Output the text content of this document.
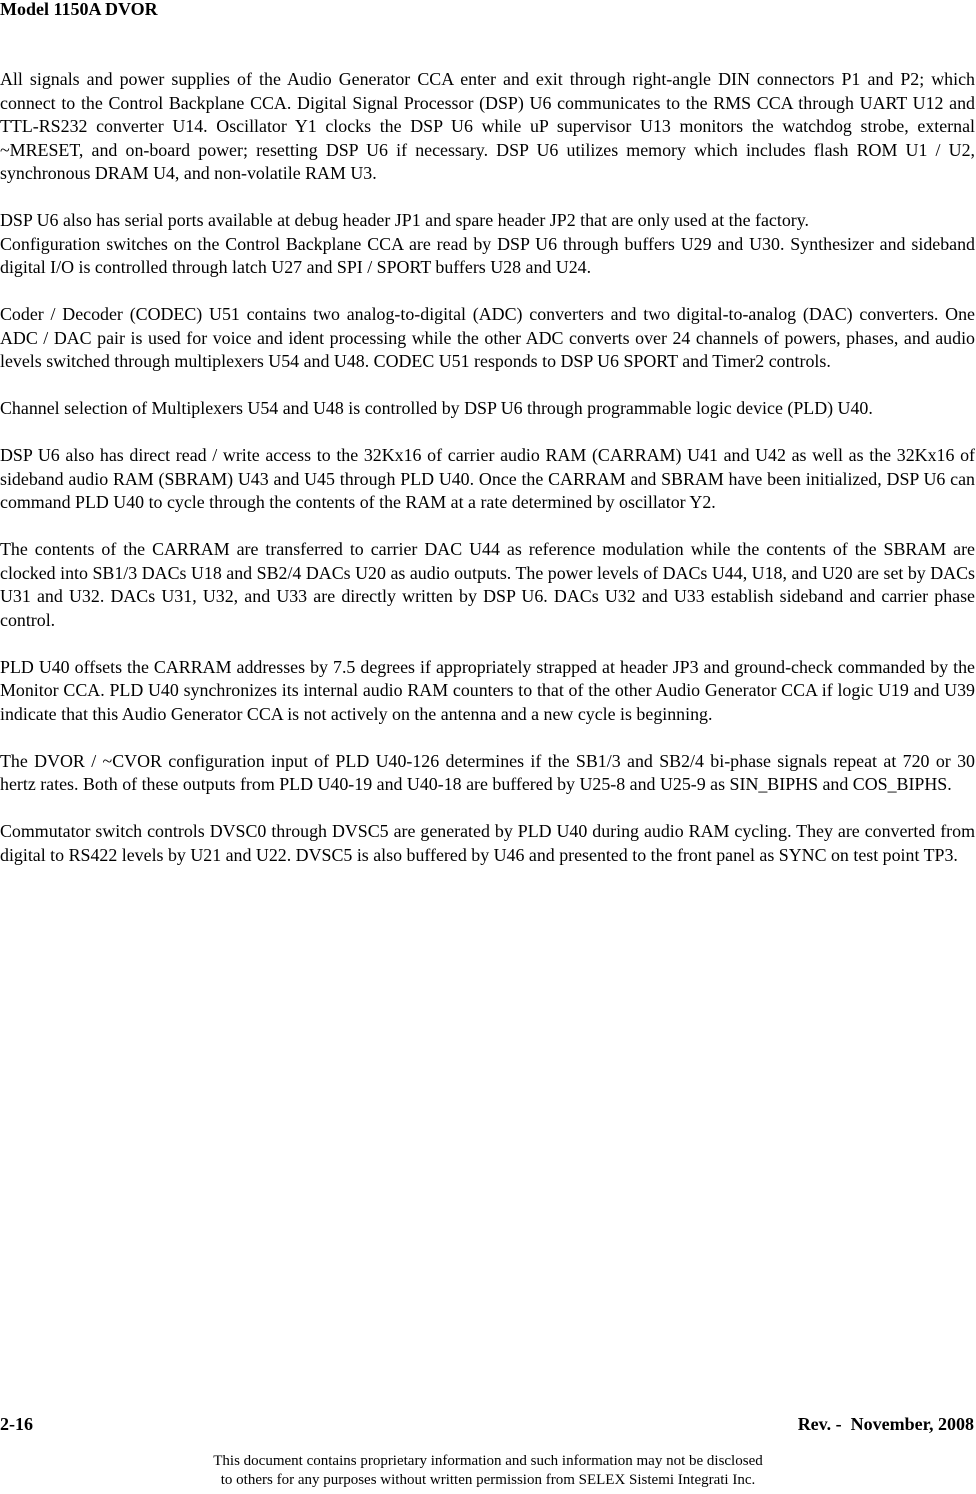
Model 1150A DVOR

All signals and power supplies of the Audio Generator CCA enter and exit through right-angle DIN connectors P1 and P2; which connect to the Control Backplane CCA. Digital Signal Processor (DSP) U6 communicates to the RMS CCA through UART U12 and TTL-RS232 converter U14. Oscillator Y1 clocks the DSP U6 while uP supervisor U13 monitors the watchdog strobe, external ~MRESET, and on-board power; resetting DSP U6 if necessary. DSP U6 utilizes memory which includes flash ROM U1 / U2, synchronous DRAM U4, and non-volatile RAM U3.

DSP U6 also has serial ports available at debug header JP1 and spare header JP2 that are only used at the factory.

Configuration switches on the Control Backplane CCA are read by DSP U6 through buffers U29 and U30. Synthesizer and sideband digital I/O is controlled through latch U27 and SPI / SPORT buffers U28 and U24.

Coder / Decoder (CODEC) U51 contains two analog-to-digital (ADC) converters and two digital-to-analog (DAC) converters. One ADC / DAC pair is used for voice and ident processing while the other ADC converts over 24 channels of powers, phases, and audio levels switched through multiplexers U54 and U48. CODEC U51 responds to DSP U6 SPORT and Timer2 controls.

Channel selection of Multiplexers U54 and U48 is controlled by DSP U6 through programmable logic device (PLD) U40.

DSP U6 also has direct read / write access to the 32Kx16 of carrier audio RAM (CARRAM) U41 and U42 as well as the 32Kx16 of sideband audio RAM (SBRAM) U43 and U45 through PLD U40. Once the CARRAM and SBRAM have been initialized, DSP U6 can command PLD U40 to cycle through the contents of the RAM at a rate determined by oscillator Y2.

The contents of the CARRAM are transferred to carrier DAC U44 as reference modulation while the contents of the SBRAM are clocked into SB1/3 DACs U18 and SB2/4 DACs U20 as audio outputs. The power levels of DACs U44, U18, and U20 are set by DACs U31 and U32. DACs U31, U32, and U33 are directly written by DSP U6. DACs U32 and U33 establish sideband and carrier phase control.

PLD U40 offsets the CARRAM addresses by 7.5 degrees if appropriately strapped at header JP3 and ground-check commanded by the Monitor CCA. PLD U40 synchronizes its internal audio RAM counters to that of the other Audio Generator CCA if logic U19 and U39 indicate that this Audio Generator CCA is not actively on the antenna and a new cycle is beginning.

The DVOR / ~CVOR configuration input of PLD U40-126 determines if the SB1/3 and SB2/4 bi-phase signals repeat at 720 or 30 hertz rates. Both of these outputs from PLD U40-19 and U40-18 are buffered by U25-8 and U25-9 as SIN_BIPHS and COS_BIPHS.

Commutator switch controls DVSC0 through DVSC5 are generated by PLD U40 during audio RAM cycling. They are converted from digital to RS422 levels by U21 and U22. DVSC5 is also buffered by U46 and presented to the front panel as SYNC on test point TP3.

2-16	Rev. -  November, 2008
This document contains proprietary information and such information may not be disclosed
to others for any purposes without written permission from SELEX Sistemi Integrati Inc.
